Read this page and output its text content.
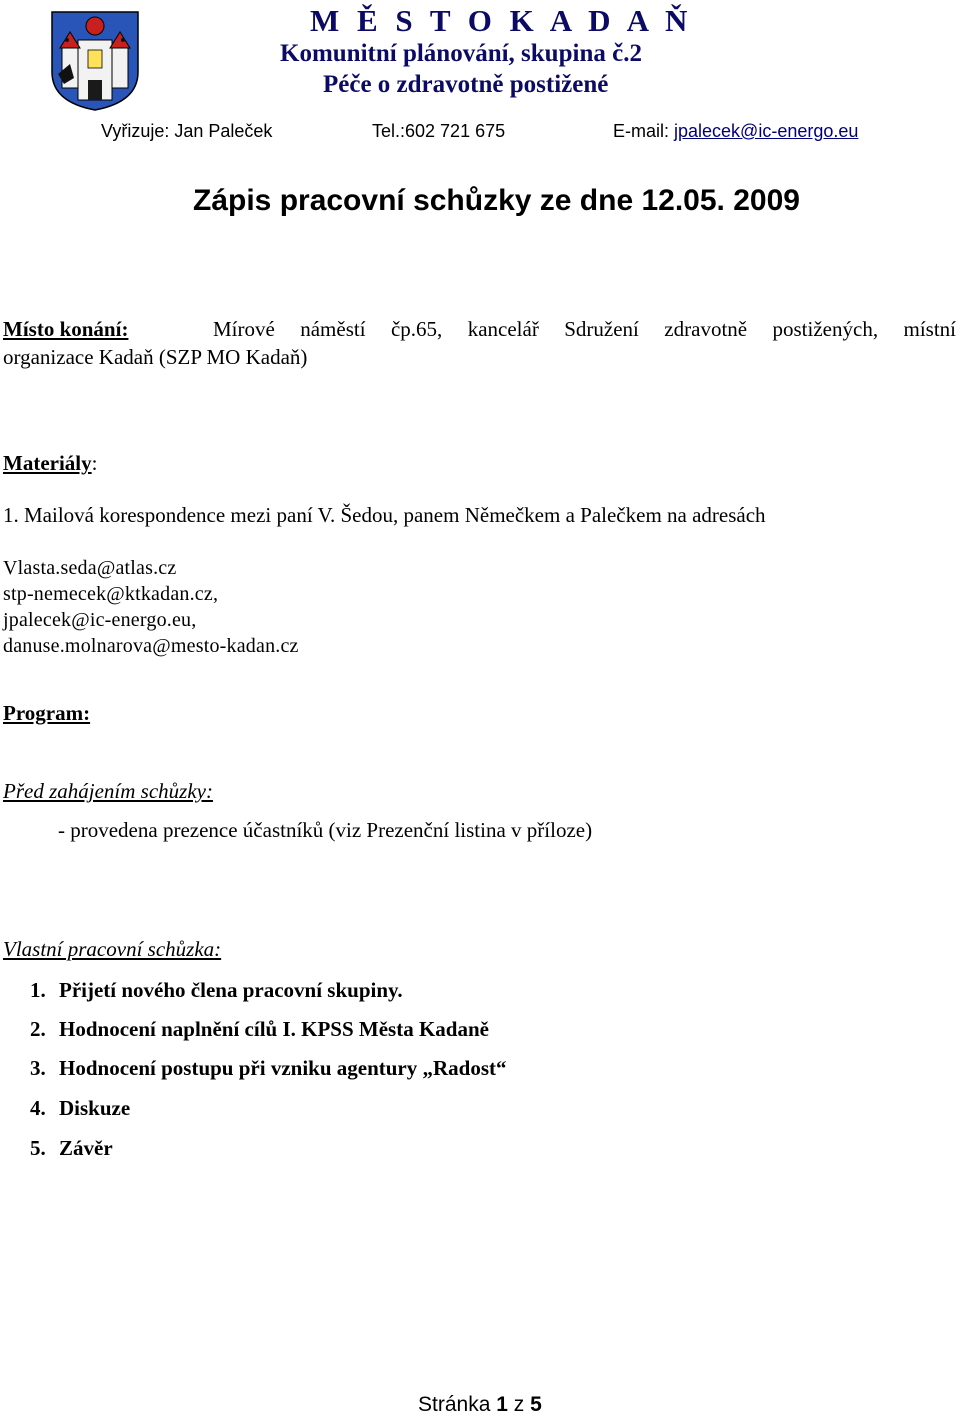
M Ě S T O K A D A Ň
Komunitní plánování, skupina č.2
Péče o zdravotně postižené
Vyřizuje: Jan Paleček	Tel.:602 721 675	E-mail: jpalecek@ic-energo.eu
Zápis pracovní schůzky ze dne 12.05. 2009
Místo konání:	Mírové náměstí čp.65, kancelář Sdružení zdravotně postižených, místní
organizace Kadaň (SZP MO Kadaň)
Materiály:
1. Mailová korespondence mezi paní V. Šedou, panem Němečkem a Palečkem na adresách
Vlasta.seda@atlas.cz
stp-nemecek@ktkadan.cz,
jpalecek@ic-energo.eu,
danuse.molnarova@mesto-kadan.cz
Program:
Před zahájením schůzky:
- provedena prezence účastníků (viz Prezenční listina v příloze)
Vlastní pracovní schůzka:
1. Přijetí nového člena pracovní skupiny.
2. Hodnocení naplnění cílů I. KPSS Města Kadaně
3. Hodnocení postupu při vzniku agentury „Radost“
4. Diskuze
5. Závěr
Stránka 1 z 5
